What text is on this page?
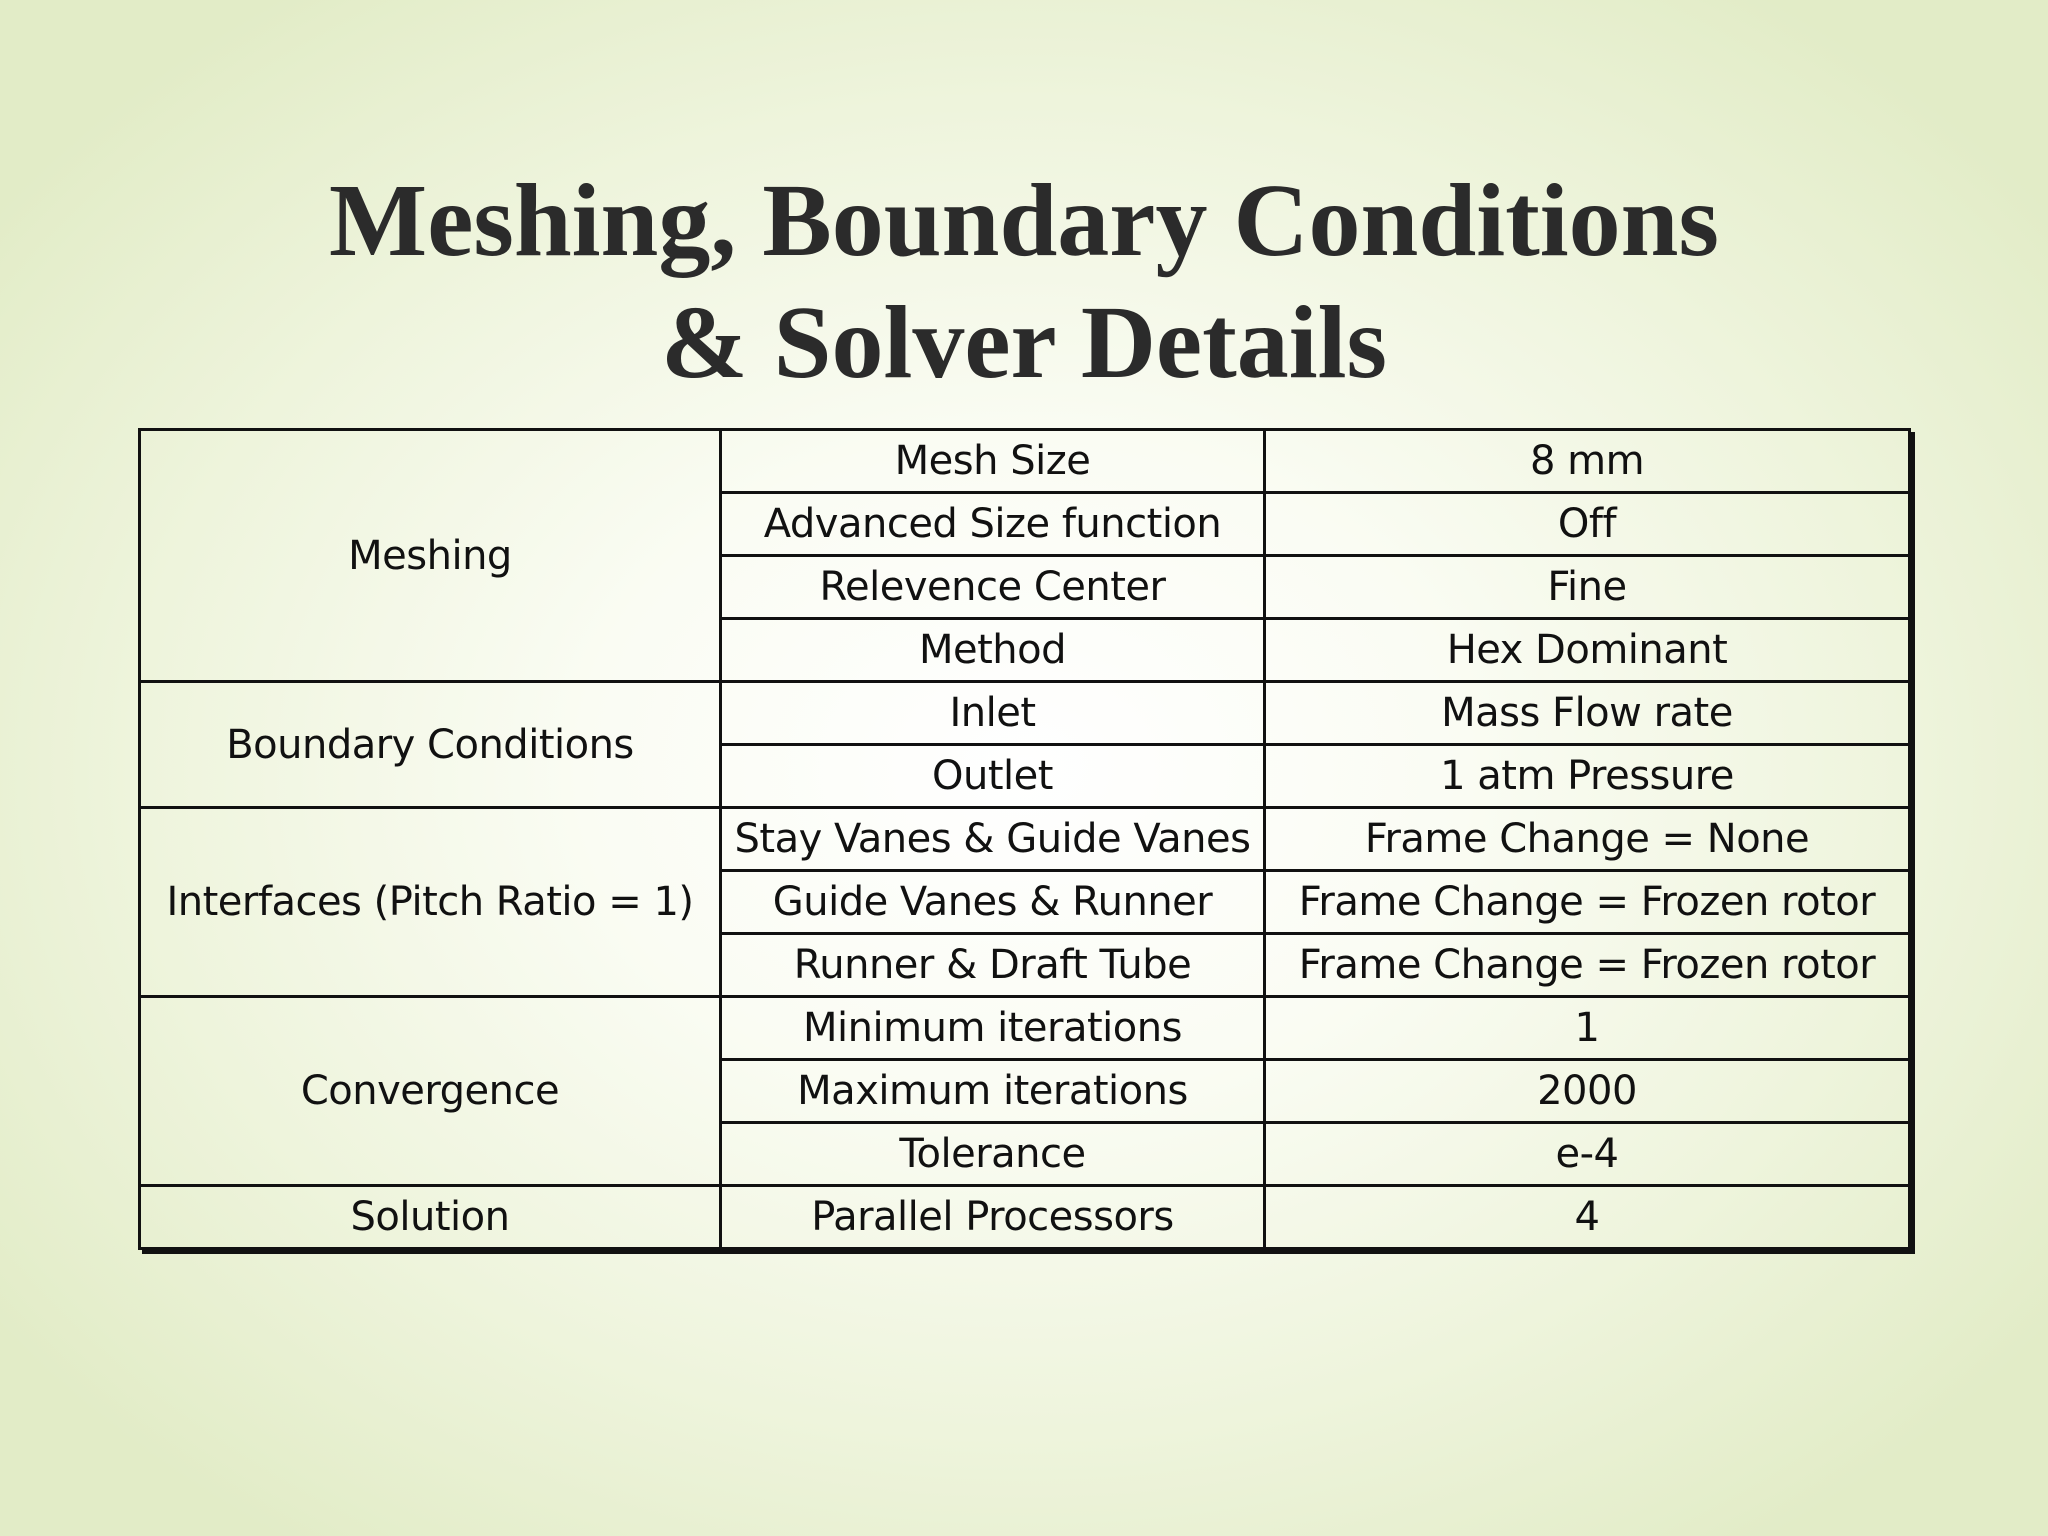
Meshing, Boundary Conditions
& Solver Details
Meshing	Mesh Size	8 mm
	Advanced Size function	Off
	Relevence Center	Fine
	Method	Hex Dominant
Boundary Conditions	Inlet	Mass Flow rate
	Outlet	1 atm Pressure
Interfaces (Pitch Ratio = 1)	Stay Vanes & Guide Vanes	Frame Change = None
	Guide Vanes & Runner	Frame Change = Frozen rotor
	Runner & Draft Tube	Frame Change = Frozen rotor
Convergence	Minimum iterations	1
	Maximum iterations	2000
	Tolerance	e-4
Solution	Parallel Processors	4
